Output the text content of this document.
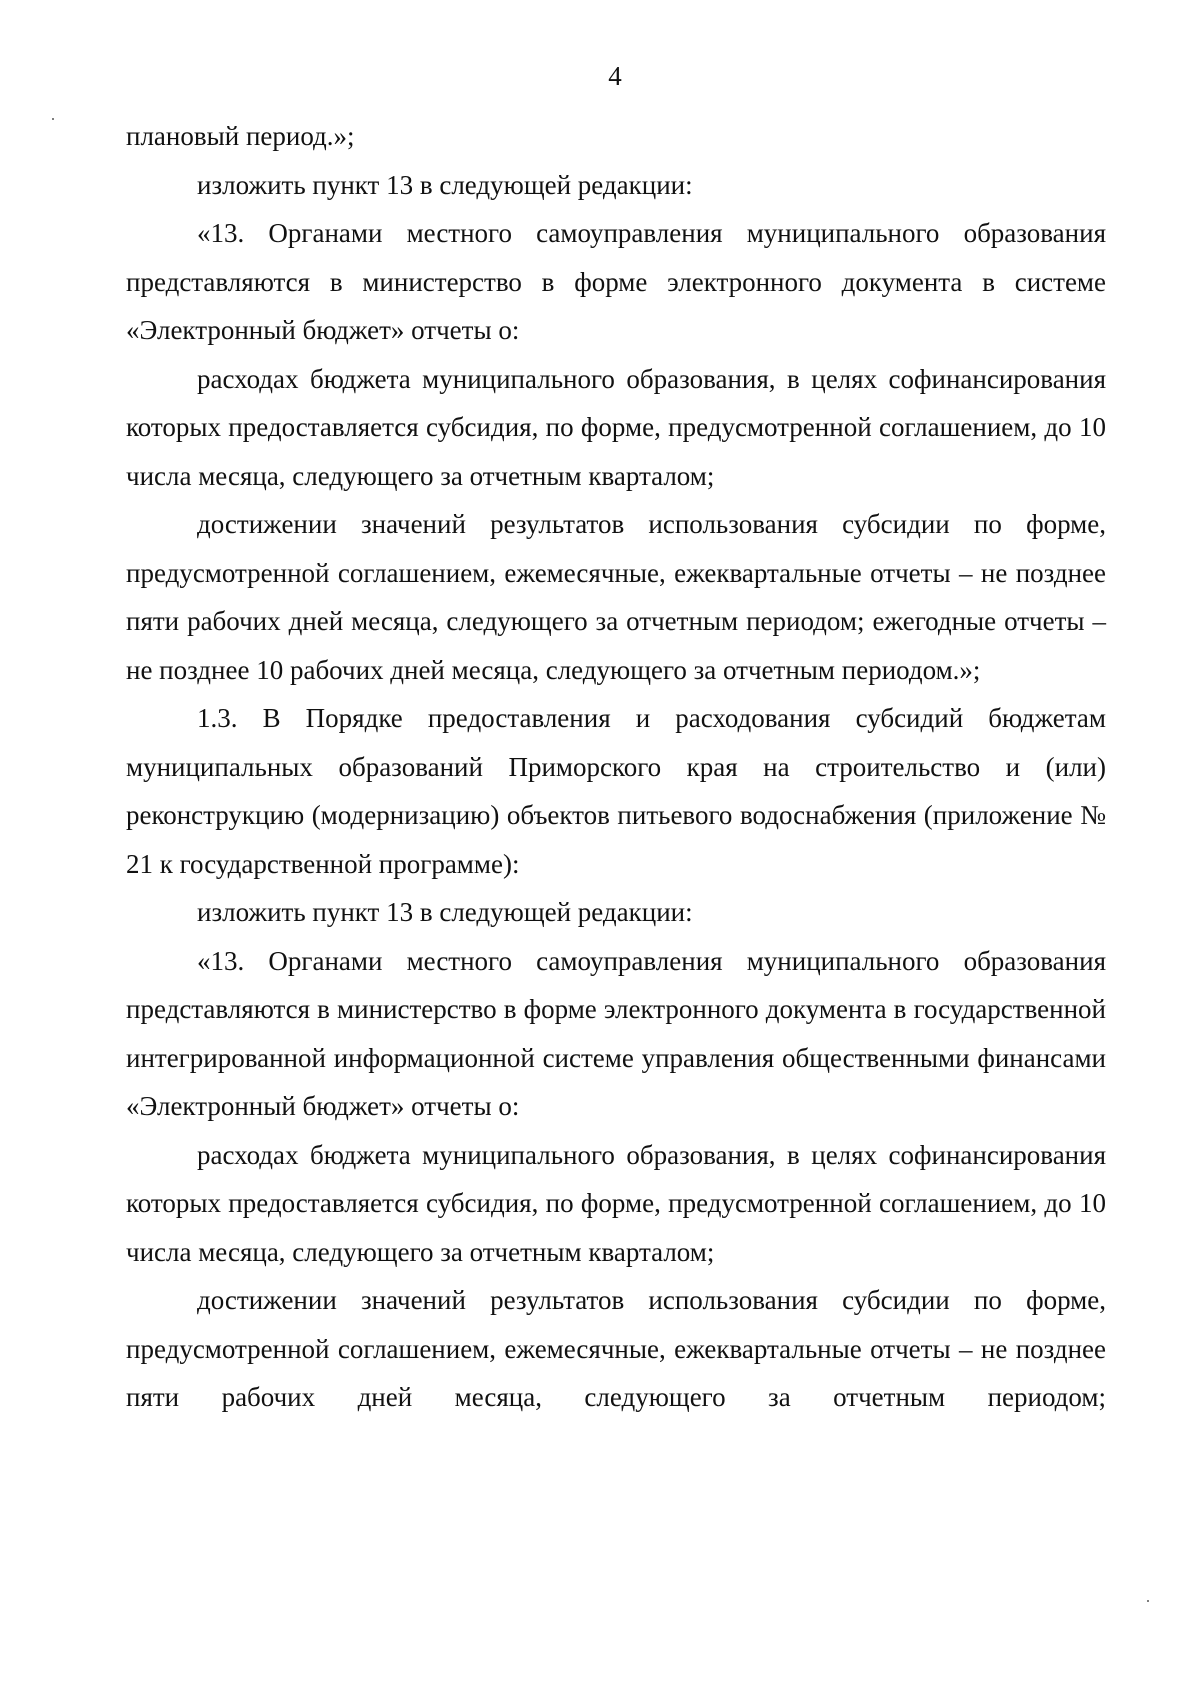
4

плановый период.»;

изложить пункт 13 в следующей редакции:

«13. Органами местного самоуправления муниципального образования представляются в министерство в форме электронного документа в системе «Электронный бюджет» отчеты о:

расходах бюджета муниципального образования, в целях софинансирования которых предоставляется субсидия, по форме, предусмотренной соглашением, до 10 числа месяца, следующего за отчетным кварталом;

достижении значений результатов использования субсидии по форме, предусмотренной соглашением, ежемесячные, ежеквартальные отчеты – не позднее пяти рабочих дней месяца, следующего за отчетным периодом; ежегодные отчеты – не позднее 10 рабочих дней месяца, следующего за отчетным периодом.»;

1.3. В Порядке предоставления и расходования субсидий бюджетам муниципальных образований Приморского края на строительство и (или) реконструкцию (модернизацию) объектов питьевого водоснабжения (приложение № 21 к государственной программе):

изложить пункт 13 в следующей редакции:

«13. Органами местного самоуправления муниципального образования представляются в министерство в форме электронного документа в государственной интегрированной информационной системе управления общественными финансами «Электронный бюджет» отчеты о:

расходах бюджета муниципального образования, в целях софинансирования которых предоставляется субсидия, по форме, предусмотренной соглашением, до 10 числа месяца, следующего за отчетным кварталом;

достижении значений результатов использования субсидии по форме, предусмотренной соглашением, ежемесячные, ежеквартальные отчеты – не позднее пяти рабочих дней месяца, следующего за отчетным периодом;
